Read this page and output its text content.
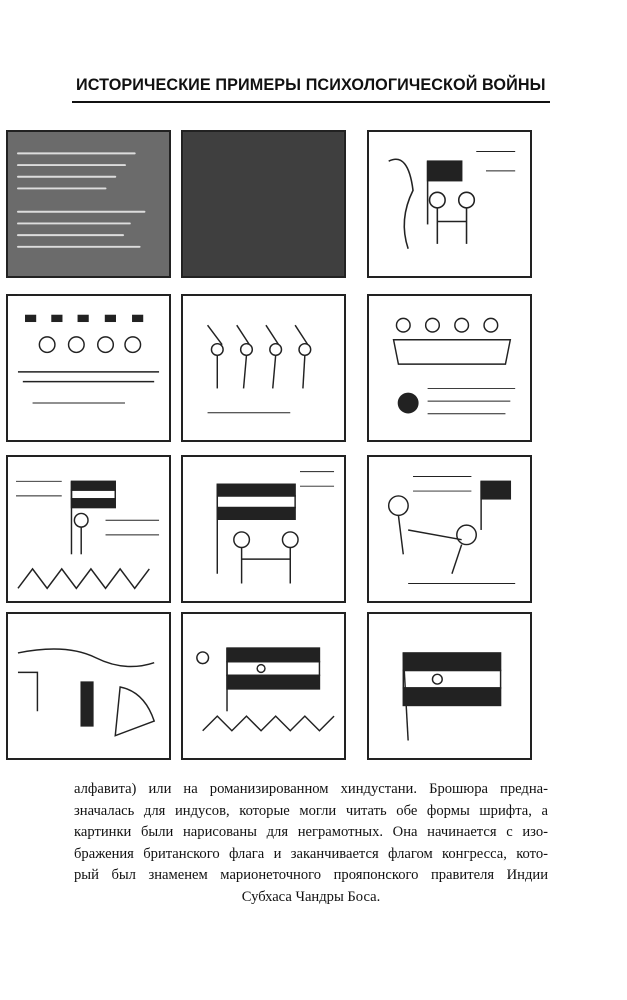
ИСТОРИЧЕСКИЕ ПРИМЕРЫ ПСИХОЛОГИЧЕСКОЙ ВОЙНЫ
алфавита) или на романизированном хиндустани. Брошюра предна-
значалась для индусов, которые могли читать обе формы шрифта, а
картинки были нарисованы для неграмотных. Она начинается с изо-
бражения британского флага и заканчивается флагом конгресса, кото-
рый был знаменем марионеточного прояпонского правителя Индии
Субхаса Чандры Боса.
